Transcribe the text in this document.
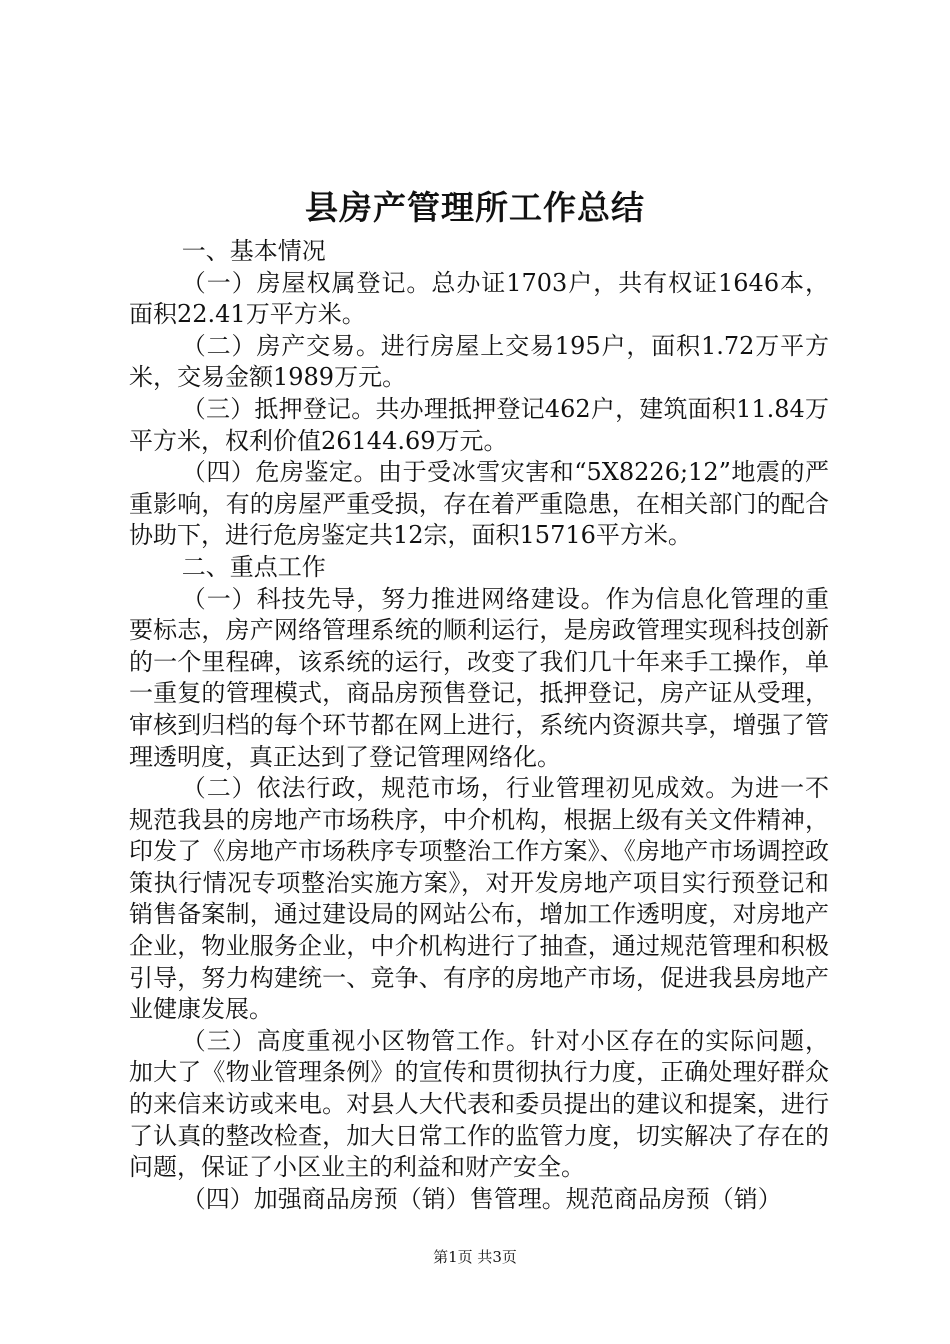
县房产管理所工作总结

一、基本情况

（一）房屋权属登记。总办证1703户，共有权证1646本，面积22.41万平方米。

（二）房产交易。进行房屋上交易195户，面积1.72万平方米，交易金额1989万元。

（三）抵押登记。共办理抵押登记462户，建筑面积11.84万平方米，权利价值26144.69万元。

（四）危房鉴定。由于受冰雪灾害和“5X8226;12”地震的严重影响，有的房屋严重受损，存在着严重隐患，在相关部门的配合协助下，进行危房鉴定共12宗，面积15716平方米。

二、重点工作

（一）科技先导，努力推进网络建设。作为信息化管理的重要标志，房产网络管理系统的顺利运行，是房政管理实现科技创新的一个里程碑，该系统的运行，改变了我们几十年来手工操作，单一重复的管理模式，商品房预售登记，抵押登记，房产证从受理，审核到归档的每个环节都在网上进行，系统内资源共享，增强了管理透明度，真正达到了登记管理网络化。

（二）依法行政，规范市场，行业管理初见成效。为进一不规范我县的房地产市场秩序，中介机构，根据上级有关文件精神，印发了《房地产市场秩序专项整治工作方案》、《房地产市场调控政策执行情况专项整治实施方案》，对开发房地产项目实行预登记和销售备案制，通过建设局的网站公布，增加工作透明度，对房地产企业，物业服务企业，中介机构进行了抽查，通过规范管理和积极引导，努力构建统一、竞争、有序的房地产市场，促进我县房地产业健康发展。

（三）高度重视小区物管工作。针对小区存在的实际问题，加大了《物业管理条例》的宣传和贯彻执行力度，正确处理好群众的来信来访或来电。对县人大代表和委员提出的建议和提案，进行了认真的整改检查，加大日常工作的监管力度，切实解决了存在的问题，保证了小区业主的利益和财产安全。

（四）加强商品房预（销）售管理。规范商品房预（销）

第1页 共3页
